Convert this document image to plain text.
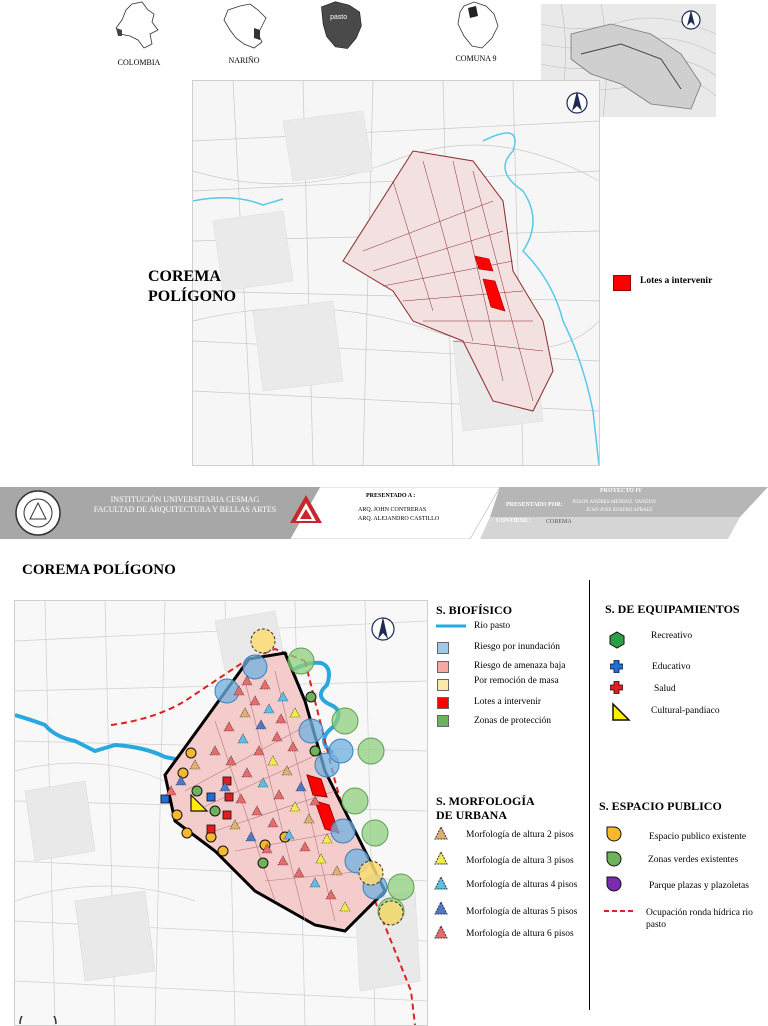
COLOMBIA	NARIÑO
pasto
COMUNA 9
COREMA
POLÍGONO
Lotes a intervenir
INSTITUCIÓN UNIVERSITARIA CESMAG
FACULTAD DE ARQUITECTURA Y BELLAS ARTES
PRESENTADO A :
ARQ. JOHN CONTRERAS
ARQ. ALEJANDRO CASTILLO
PROYECTO IV
PRESENTADO POR: JEISON ANDRES MENDOZ. YANDUN
JUAN JOSE ROSERO APRAEZ
CONTIENE : COREMA
COREMA POLÍGONO
S. BIOFÍSICO
Rio pasto
Riesgo por inundación
Riesgo de amenaza baja
Por remoción de masa
Lotes a intervenir
Zonas de protección
S. DE EQUIPAMIENTOS
Recreativo
Educativo
Salud
Cultural-pandiaco
S. MORFOLOGÍA
DE URBANA
Morfología de altura 2 pisos
Morfología de altura 3 pisos
Morfología de alturas 4 pisos
Morfología de alturas 5 pisos
Morfología de altura 6 pisos
S. ESPACIO PUBLICO
Espacio publico existente
Zonas verdes existentes
Parque plazas y plazoletas
Ocupación ronda hídrica rio pasto
